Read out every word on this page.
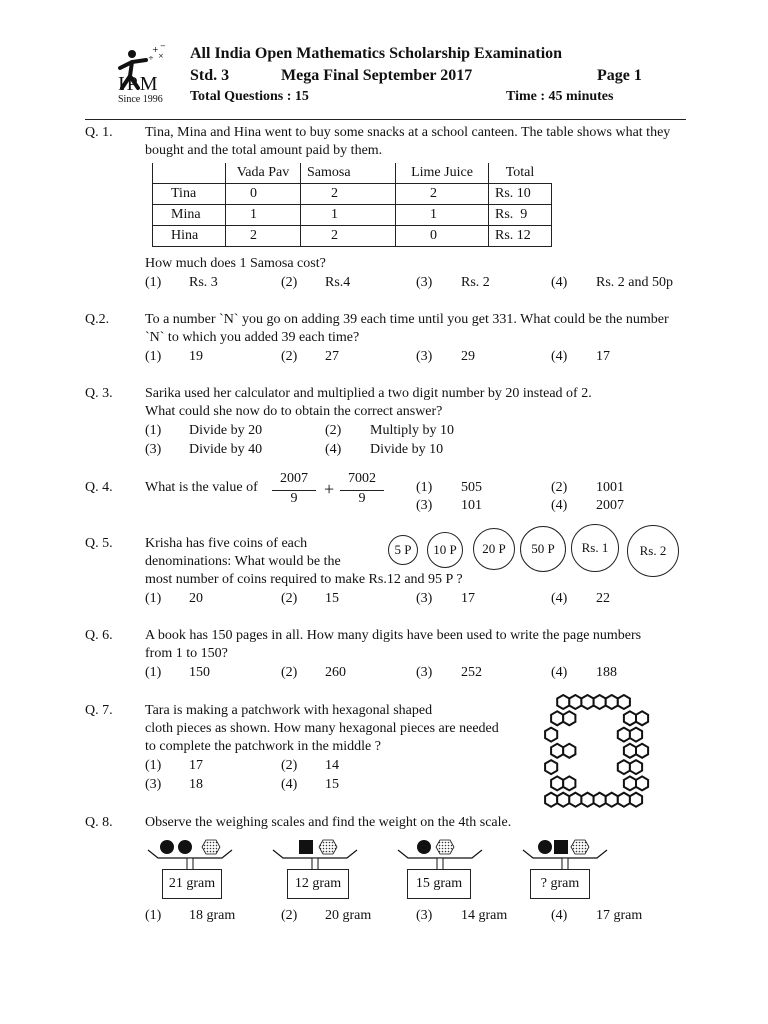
+
×
÷
−
IPM
Since 1996
All India Open Mathematics Scholarship Examination
Std. 3	Mega Final September 2017	Page 1
Total Questions : 15	Time : 45 minutes
Q. 1. Tina, Mina and Hina went to buy some snacks at a school canteen. The table shows what they
bought and the total amount paid by them.
	Vada Pav	Samosa	Lime Juice	Total
Tina	0	2	2	Rs. 10
Mina	1	1	1	Rs.  9
Hina	2	2	0	Rs. 12
How much does 1 Samosa cost?
(1) Rs. 3	(2) Rs.4	(3) Rs. 2	(4) Rs. 2 and 50p
Q.2.	To a number `N` you go on adding 39 each time until you get 331. What could be the number
`N` to which you added 39 each time?
(1) 19	(2) 27	(3) 29	(4) 17
Q. 3. Sarika used her calculator and multiplied a two digit number by 20 instead of 2.
What could she now do to obtain the correct answer?
(1) Divide by 20	(2) Multiply by 10
(3) Divide by 40	(4) Divide by 10
Q. 4. What is the value of
2007
9	+
7002
9
(1) 505	(2) 1001
(3) 101	(4) 2007
Q. 5. Krisha has five coins of each
denominations: What would be the
most number of coins required to make Rs.12 and 95 P ?
5 P	10 P	20 P	50 P	Rs. 1	Rs. 2
(1) 20	(2) 15	(3) 17	(4) 22
Q. 6. A book has 150 pages in all. How many digits have been used to write the page numbers
from 1 to 150?
(1) 150	(2) 260	(3) 252	(4) 188
Q. 7. Tara is making a patchwork with hexagonal shaped
cloth pieces as shown. How many hexagonal pieces are needed
to complete the patchwork in the middle ?
(1) 17	(2) 14
(3) 18	(4) 15
Q. 8. Observe the weighing scales and find the weight on the 4th scale.
21 gram	12 gram	15 gram	? gram
(1) 18 gram	(2) 20 gram	(3) 14 gram	(4) 17 gram
